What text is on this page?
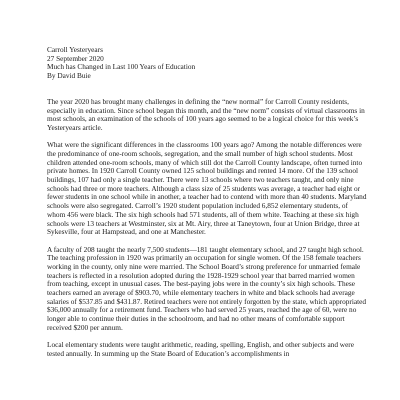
Carroll Yesteryears

27 September 2020

Much has Changed in Last 100 Years of Education

By David Buie

The year 2020 has brought many challenges in defining the “new normal” for Carroll County residents, especially in education. Since school began this month, and the “new norm” consists of virtual classrooms in most schools, an examination of the schools of 100 years ago seemed to be a logical choice for this week’s Yesteryears article.

What were the significant differences in the classrooms 100 years ago? Among the notable differences were the predominance of one-room schools, segregation, and the small number of high school students. Most children attended one-room schools, many of which still dot the Carroll County landscape, often turned into private homes. In 1920 Carroll County owned 125 school buildings and rented 14 more. Of the 139 school buildings, 107 had only a single teacher. There were 13 schools where two teachers taught, and only nine schools had three or more teachers. Although a class size of 25 students was average, a teacher had eight or fewer students in one school while in another, a teacher had to contend with more than 40 students. Maryland schools were also segregated. Carroll’s 1920 student population included 6,852 elementary students, of whom 456 were black. The six high schools had 571 students, all of them white. Teaching at these six high schools were 13 teachers at Westminster, six at Mt. Airy, three at Taneytown, four at Union Bridge, three at Sykesville, four at Hampstead, and one at Manchester.

A faculty of 208 taught the nearly 7,500 students—181 taught elementary school, and 27 taught high school. The teaching profession in 1920 was primarily an occupation for single women. Of the 158 female teachers working in the county, only nine were married. The School Board’s strong preference for unmarried female teachers is reflected in a resolution adopted during the 1928-1929 school year that barred married women from teaching, except in unusual cases. The best-paying jobs were in the county’s six high schools. These teachers earned an average of $903.70, while elementary teachers in white and black schools had average salaries of $537.85 and $431.87. Retired teachers were not entirely forgotten by the state, which appropriated $36,000 annually for a retirement fund. Teachers who had served 25 years, reached the age of 60, were no longer able to continue their duties in the schoolroom, and had no other means of comfortable support received $200 per annum.

Local elementary students were taught arithmetic, reading, spelling, English, and other subjects and were tested annually. In summing up the State Board of Education’s accomplishments in
